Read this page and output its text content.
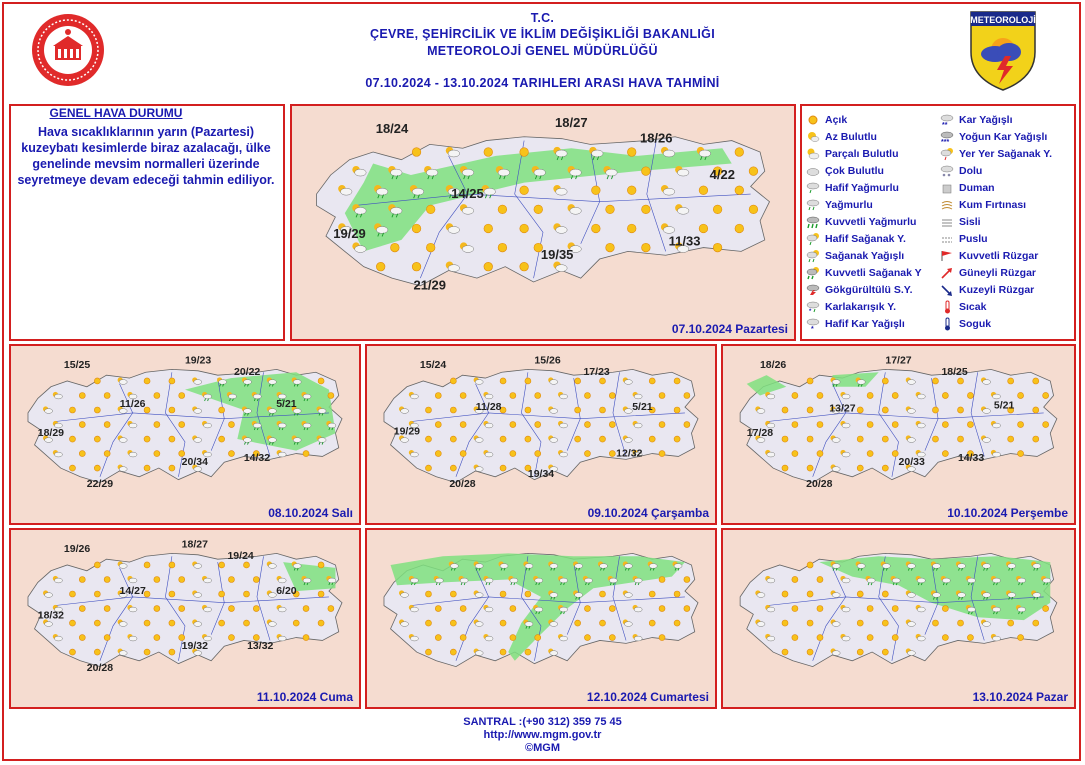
METEOROLOJİ
T.C.
ÇEVRE, ŞEHİRCİLİK VE İKLİM DEĞİŞİKLİĞİ BAKANLIĞI
METEOROLOJİ GENEL MÜDÜRLÜĞÜ
07.10.2024 - 13.10.2024 TARIHLERI ARASI HAVA TAHMİNİ
GENEL HAVA DURUMU
Hava sıcaklıklarının yarın (Pazartesi) kuzeybatı kesimlerde biraz azalacağı, ülke genelinde mevsim normalleri üzerinde seyretmeye devam edeceği tahmin ediliyor.
Açık
Az Bulutlu
Parçalı Bulutlu
Çok Bulutlu
Hafif Yağmurlu
Yağmurlu
Kuvvetli Yağmurlu
Hafif Sağanak Y.
Sağanak Yağışlı
Kuvvetli Sağanak Y
Gökgürültülü S.Y.
* Karlakarışık Y.
* Hafif Kar Yağışlı
** Kar Yağışlı
*** Yoğun Kar Yağışlı
Yer Yer Sağanak Y.
Dolu
Duman
Kum Fırtınası
Sisli
Puslu
Kuvvetli Rüzgar
Güneyli Rüzgar
Kuzeyli Rüzgar
Sıcak
Soguk
18/24	18/27
18/26
4/22
14/25
19/29
19/35
11/33
21/29
07.10.2024 Pazartesi
15/25	19/23
20/22
11/26	5/21
18/29
20/34	14/32
22/29
08.10.2024 Salı
15/24	15/26
17/23
11/28	5/21
19/29
12/32
19/34
20/28
09.10.2024 Çarşamba
18/26	17/27
18/25
13/27	5/21
17/28
14/33
20/33
20/28
10.10.2024 Perşembe
19/26	18/27
19/24
14/27	6/20
18/32
19/32	13/32
20/28
11.10.2024 Cuma	12.10.2024 Cumartesi	13.10.2024 Pazar
SANTRAL :(+90 312) 359 75 45
http://www.mgm.gov.tr
©MGM
